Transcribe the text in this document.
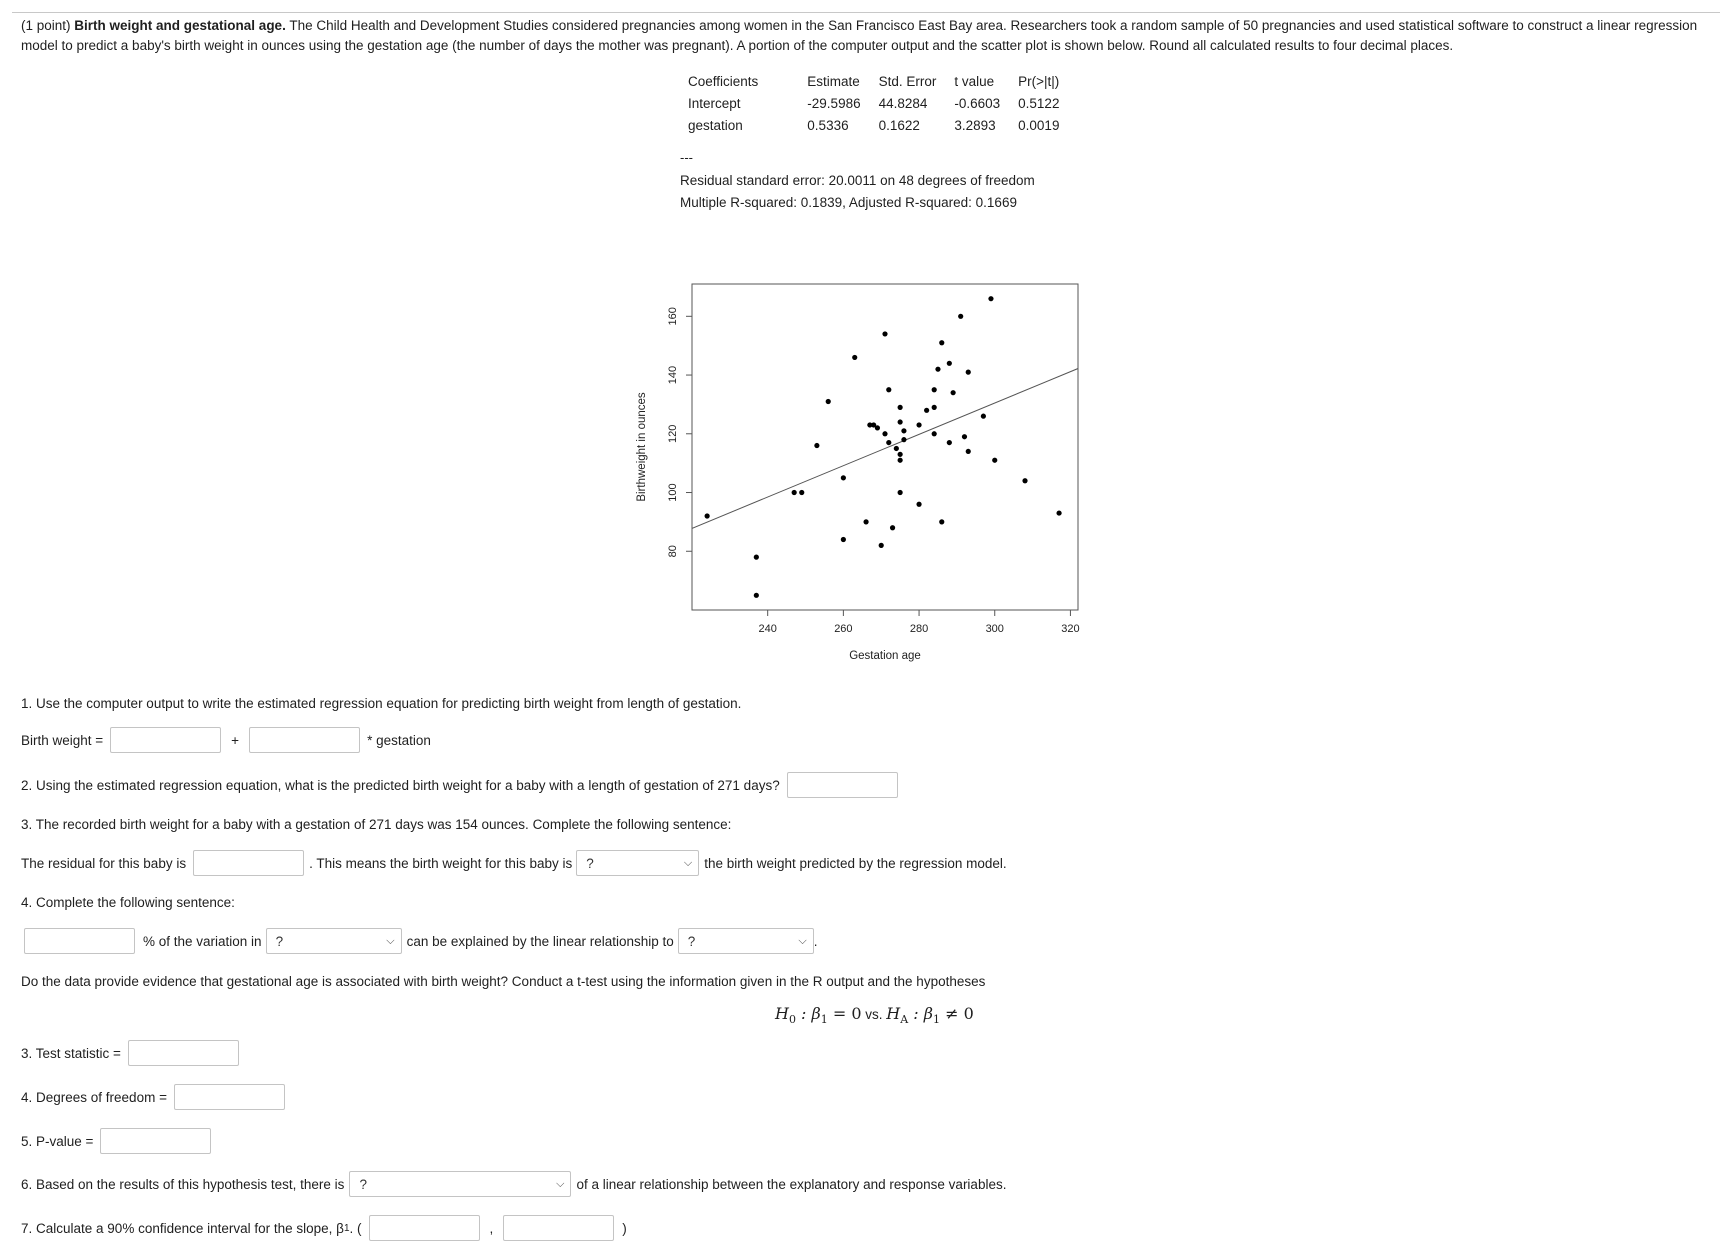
(1 point) Birth weight and gestational age. The Child Health and Development Studies considered pregnancies among women in the San Francisco East Bay area. Researchers took a random sample of 50 pregnancies and used statistical software to construct a linear regression model to predict a baby's birth weight in ounces using the gestation age (the number of days the mother was pregnant). A portion of the computer output and the scatter plot is shown below. Round all calculated results to four decimal places.
Coefficients	Estimate	Std. Error	t value	Pr(>|t|)
Intercept	-29.5986	44.8284	-0.6603	0.5122
gestation	0.5336	0.1622	3.2893	0.0019
---
Residual standard error: 20.0011 on 48 degrees of freedom
Multiple R-squared: 0.1839, Adjusted R-squared: 0.1669
240	260	280	300	320
80
100
120
140
160
Gestation age
Birthweight in ounces
1. Use the computer output to write the estimated regression equation for predicting birth weight from length of gestation.
Birth weight =	+	* gestation
2. Using the estimated regression equation, what is the predicted birth weight for a baby with a length of gestation of 271 days?
3. The recorded birth weight for a baby with a gestation of 271 days was 154 ounces. Complete the following sentence:
The residual for this baby is	. This means the birth weight for this baby is ?	⌵ the birth weight predicted by the regression model.
4. Complete the following sentence:
% of the variation in ?	⌵ can be explained by the linear relationship to ?	⌵ .
Do the data provide evidence that gestational age is associated with birth weight? Conduct a t-test using the information given in the R output and the hypotheses
$H_0$ : $\beta_1 = 0$ vs. $H_A$ : $\beta_1 \ne 0$
3. Test statistic =
4. Degrees of freedom =
5. P-value =
6. Based on the results of this hypothesis test, there is ?	⌵ of a linear relationship between the explanatory and response variables.
7. Calculate a 90% confidence interval for the slope, β 1 . (	,	)
